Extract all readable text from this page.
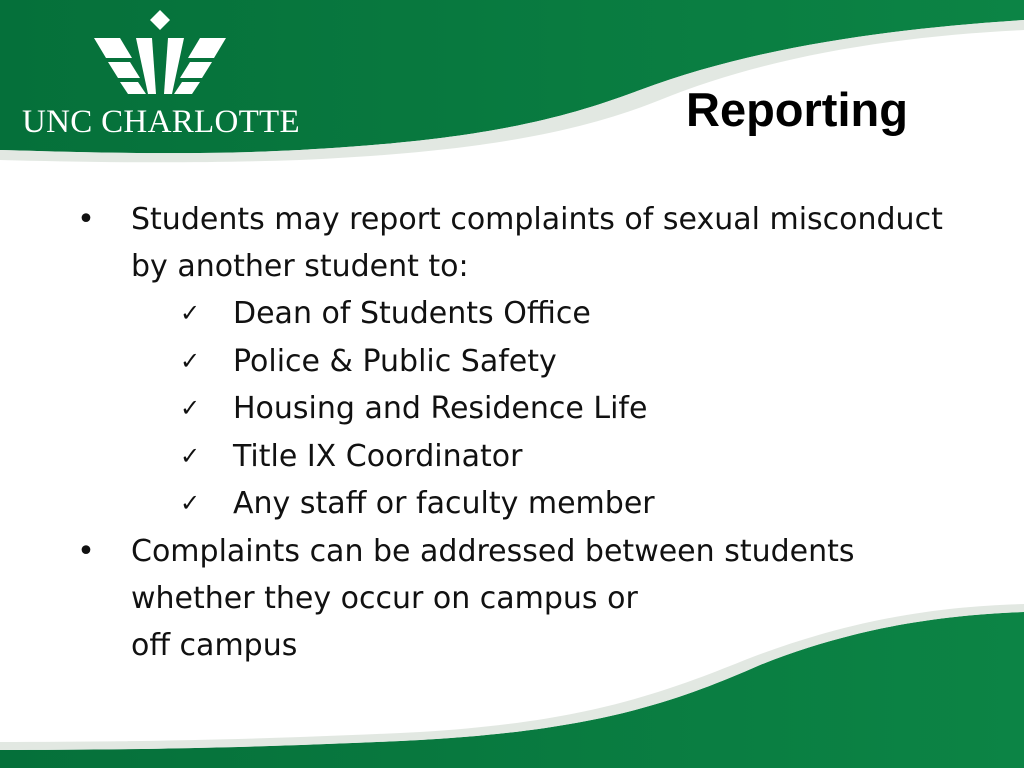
UNC CHARLOTTE	Reporting
• Students may report complaints of sexual misconduct
by another student to:
✓ Dean of Students Office
✓ Police & Public Safety
✓ Housing and Residence Life
✓ Title IX Coordinator
✓ Any staff or faculty member
• Complaints can be addressed between students
whether they occur on campus or
off campus
